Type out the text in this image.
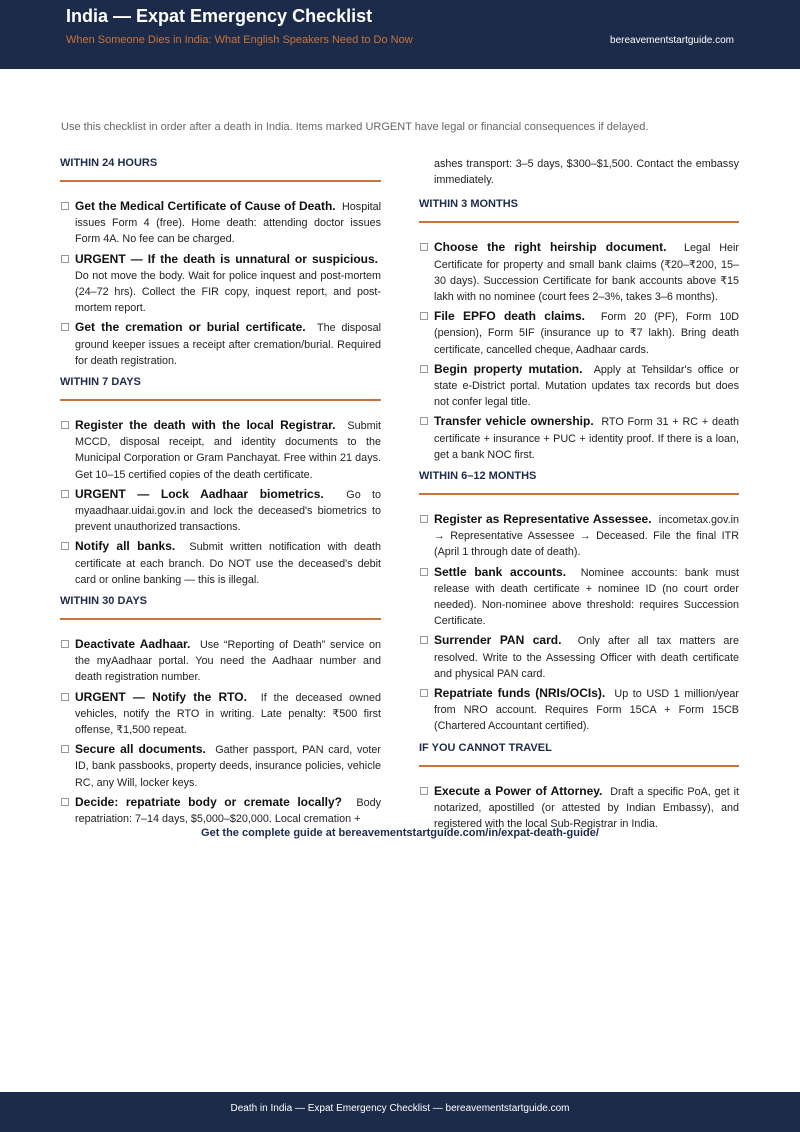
India — Expat Emergency Checklist
When Someone Dies in India: What English Speakers Need to Do Now	bereavementstartguide.com
Use this checklist in order after a death in India. Items marked URGENT have legal or financial consequences if delayed.
WITHIN 24 HOURS
Get the Medical Certificate of Cause of Death. Hospital issues Form 4 (free). Home death: attending doctor issues Form 4A. No fee can be charged.
URGENT — If the death is unnatural or suspicious.  Do not move the body. Wait for police inquest and post-mortem (24–72 hrs). Collect the FIR copy, inquest report, and post-mortem report.
Get the cremation or burial certificate. The disposal ground keeper issues a receipt after cremation/burial. Required for death registration.
WITHIN 7 DAYS
Register the death with the local Registrar. Submit MCCD, disposal receipt, and identity documents to the Municipal Corporation or Gram Panchayat. Free within 21 days. Get 10–15 certified copies of the death certificate.
URGENT — Lock Aadhaar biometrics. Go to myaadhaar.uidai.gov.in and lock the deceased's biometrics to prevent unauthorized transactions.
Notify all banks. Submit written notification with death certificate at each branch. Do NOT use the deceased's debit card or online banking — this is illegal.
WITHIN 30 DAYS
Deactivate Aadhaar. Use “Reporting of Death” service on the myAadhaar portal. You need the Aadhaar number and death registration number.
URGENT — Notify the RTO. If the deceased owned vehicles, notify the RTO in writing. Late penalty: ₹500 first offense, ₹1,500 repeat.
Secure all documents. Gather passport, PAN card, voter ID, bank passbooks, property deeds, insurance policies, vehicle RC, any Will, locker keys.
Decide: repatriate body or cremate locally? Body repatriation: 7–14 days, $5,000–$20,000. Local cremation +
ashes transport: 3–5 days, $300–$1,500. Contact the embassy immediately.
WITHIN 3 MONTHS
Choose the right heirship document. Legal Heir Certificate for property and small bank claims (₹20–₹200, 15–30 days). Succession Certificate for bank accounts above ₹15 lakh with no nominee (court fees 2–3%, takes 3–6 months).
File EPFO death claims. Form 20 (PF), Form 10D (pension), Form 5IF (insurance up to ₹7 lakh). Bring death certificate, cancelled cheque, Aadhaar cards.
Begin property mutation. Apply at Tehsildar's office or state e-District portal. Mutation updates tax records but does not confer legal title.
Transfer vehicle ownership. RTO Form 31 + RC + death certificate + insurance + PUC + identity proof. If there is a loan, get a bank NOC first.
WITHIN 6–12 MONTHS
Register as Representative Assessee. incometax.gov.in → Representative Assessee → Deceased. File the final ITR (April 1 through date of death).
Settle bank accounts. Nominee accounts: bank must release with death certificate + nominee ID (no court order needed). Non-nominee above threshold: requires Succession Certificate.
Surrender PAN card. Only after all tax matters are resolved. Write to the Assessing Officer with death certificate and physical PAN card.
Repatriate funds (NRIs/OCIs). Up to USD 1 million/year from NRO account. Requires Form 15CA + Form 15CB (Chartered Accountant certified).
IF YOU CANNOT TRAVEL
Execute a Power of Attorney. Draft a specific PoA, get it notarized, apostilled (or attested by Indian Embassy), and registered with the local Sub-Registrar in India.
Get the complete guide at bereavementstartguide.com/in/expat-death-guide/
Death in India — Expat Emergency Checklist — bereavementstartguide.com
